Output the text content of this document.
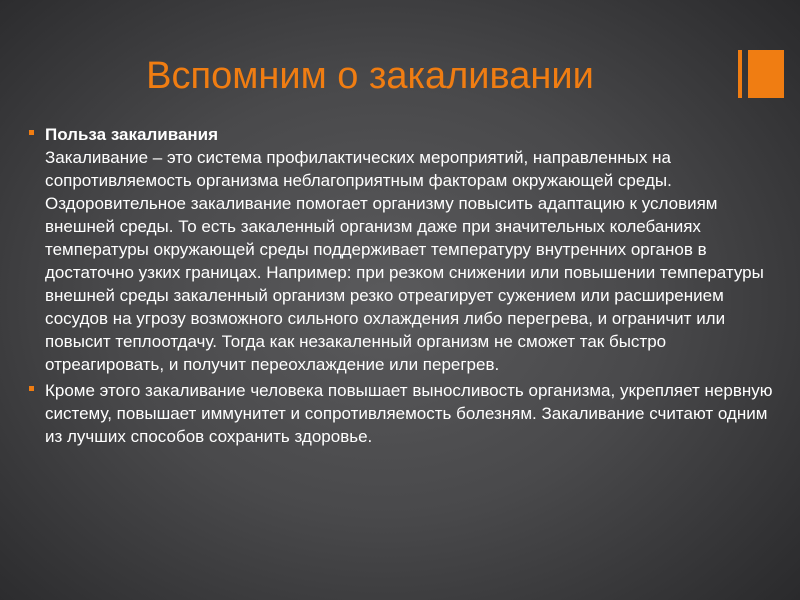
Вспомним о закаливании
Польза закаливания
Закаливание – это система профилактических мероприятий, направленных на сопротивляемость организма неблагоприятным факторам окружающей среды. Оздоровительное закаливание помогает организму повысить адаптацию к условиям внешней среды. То есть закаленный организм даже при значительных колебаниях температуры окружающей среды поддерживает температуру внутренних органов в достаточно узких границах. Например: при резком снижении или повышении температуры внешней среды закаленный организм резко отреагирует сужением или расширением сосудов на угрозу возможного сильного охлаждения либо перегрева, и ограничит или повысит теплоотдачу. Тогда как незакаленный организм не сможет так быстро отреагировать, и получит переохлаждение или перегрев.
Кроме этого закаливание человека повышает выносливость организма, укрепляет нервную систему, повышает иммунитет и сопротивляемость болезням. Закаливание считают одним из лучших способов сохранить здоровье.
